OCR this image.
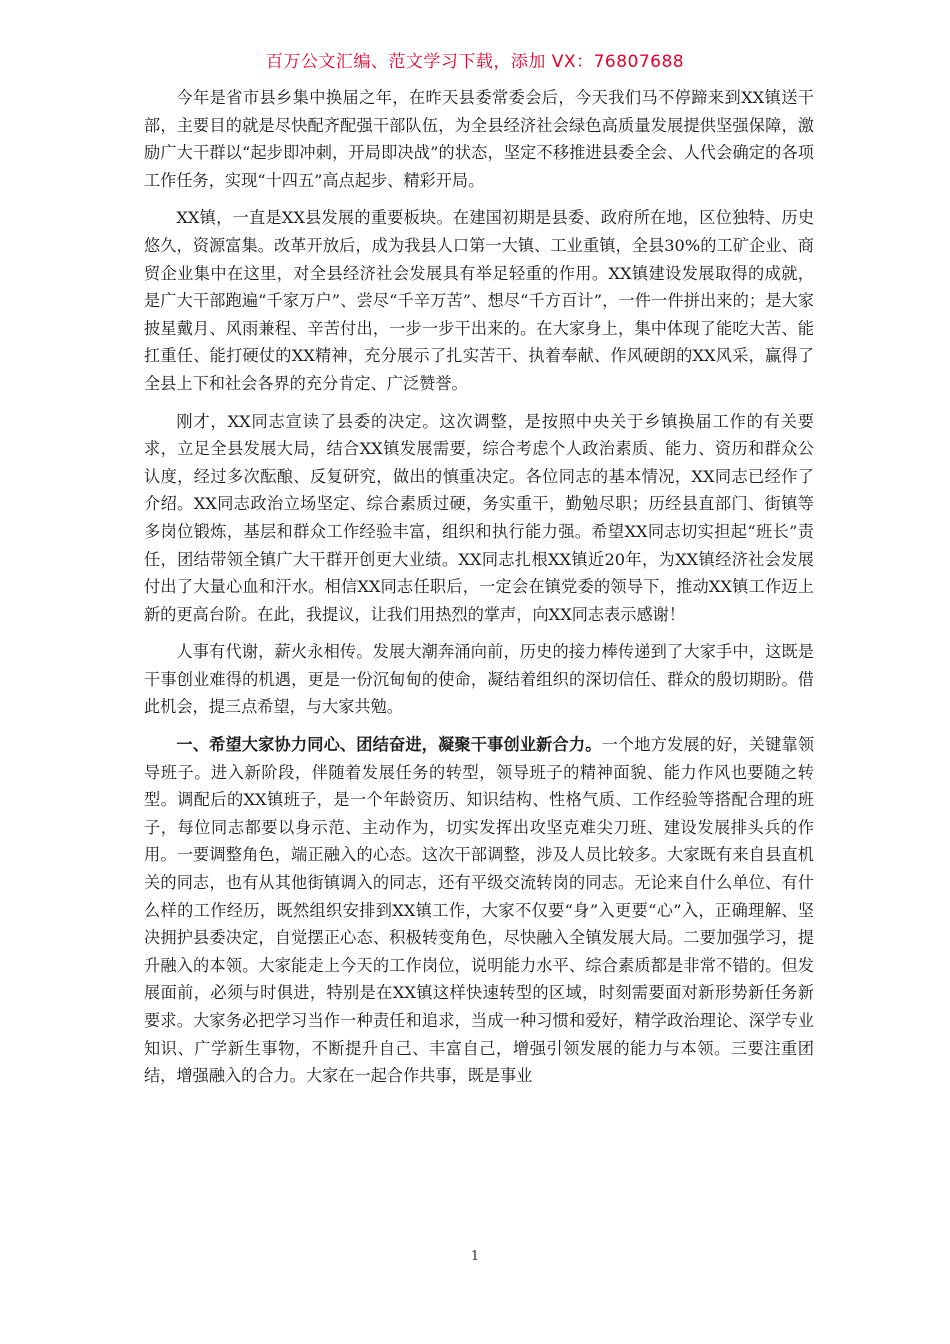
百万公文汇编、范文学习下载，添加 VX：76807688

今年是省市县乡集中换届之年，在昨天县委常委会后，今天我们马不停蹄来到XX镇送干部，主要目的就是尽快配齐配强干部队伍，为全县经济社会绿色高质量发展提供坚强保障，激励广大干群以“起步即冲刺，开局即决战”的状态，坚定不移推进县委全会、人代会确定的各项工作任务，实现“十四五”高点起步、精彩开局。

XX镇，一直是XX县发展的重要板块。在建国初期是县委、政府所在地，区位独特、历史悠久，资源富集。改革开放后，成为我县人口第一大镇、工业重镇，全县30%的工矿企业、商贸企业集中在这里，对全县经济社会发展具有举足轻重的作用。XX镇建设发展取得的成就，是广大干部跑遍“千家万户”、尝尽“千辛万苦”、想尽“千方百计”，一件一件拼出来的；是大家披星戴月、风雨兼程、辛苦付出，一步一步干出来的。在大家身上，集中体现了能吃大苦、能扛重任、能打硬仗的XX精神，充分展示了扎实苦干、执着奉献、作风硬朗的XX风采，赢得了全县上下和社会各界的充分肯定、广泛赞誉。

刚才，XX同志宣读了县委的决定。这次调整，是按照中央关于乡镇换届工作的有关要求，立足全县发展大局，结合XX镇发展需要，综合考虑个人政治素质、能力、资历和群众公认度，经过多次酝酿、反复研究，做出的慎重决定。各位同志的基本情况，XX同志已经作了介绍。XX同志政治立场坚定、综合素质过硬，务实重干，勤勉尽职；历经县直部门、街镇等多岗位锻炼，基层和群众工作经验丰富，组织和执行能力强。希望XX同志切实担起“班长”责任，团结带领全镇广大干群开创更大业绩。XX同志扎根XX镇近20年，为XX镇经济社会发展付出了大量心血和汗水。相信XX同志任职后，一定会在镇党委的领导下，推动XX镇工作迈上新的更高台阶。在此，我提议，让我们用热烈的掌声，向XX同志表示感谢！

人事有代谢，薪火永相传。发展大潮奔涌向前，历史的接力棒传递到了大家手中，这既是干事创业难得的机遇，更是一份沉甸甸的使命，凝结着组织的深切信任、群众的殷切期盼。借此机会，提三点希望，与大家共勉。

一、希望大家协力同心、团结奋进，凝聚干事创业新合力。一个地方发展的好，关键靠领导班子。进入新阶段，伴随着发展任务的转型，领导班子的精神面貌、能力作风也要随之转型。调配后的XX镇班子，是一个年龄资历、知识结构、性格气质、工作经验等搭配合理的班子，每位同志都要以身示范、主动作为，切实发挥出攻坚克难尖刀班、建设发展排头兵的作用。一要调整角色，端正融入的心态。这次干部调整，涉及人员比较多。大家既有来自县直机关的同志，也有从其他街镇调入的同志，还有平级交流转岗的同志。无论来自什么单位、有什么样的工作经历，既然组织安排到XX镇工作，大家不仅要“身”入更要“心”入，正确理解、坚决拥护县委决定，自觉摆正心态、积极转变角色，尽快融入全镇发展大局。二要加强学习，提升融入的本领。大家能走上今天的工作岗位，说明能力水平、综合素质都是非常不错的。但发展面前，必须与时俱进，特别是在XX镇这样快速转型的区域，时刻需要面对新形势新任务新要求。大家务必把学习当作一种责任和追求，当成一种习惯和爱好，精学政治理论、深学专业知识、广学新生事物，不断提升自己、丰富自己，增强引领发展的能力与本领。三要注重团结，增强融入的合力。大家在一起合作共事，既是事业

1
